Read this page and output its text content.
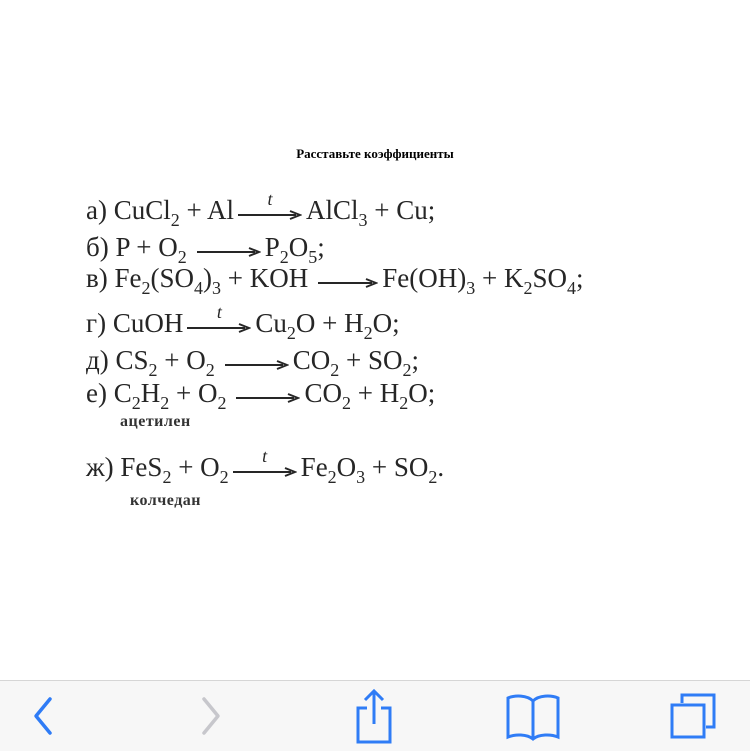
Расставьте коэффициенты
а) CuCl$_2$ + Al	t	AlCl$_3$ + Cu;
б) $P + O_2 \to P_2O_5$;
в) $Fe_2(SO_4)_3$ + KOH → $Fe(OH)_3 + K_2SO_4$;
г) CuOH	t	$Cu_2O + H_2O$;
д) $CS_2 + O_2 \to CO_2 + SO_2$;
е) $C_2H_2 + O_2 \to CO_2 + H_2O$;
ацетилен
ж) $FeS_2 + O_2$
t	$Fe_2O_3 + SO_2$.
колчедан
